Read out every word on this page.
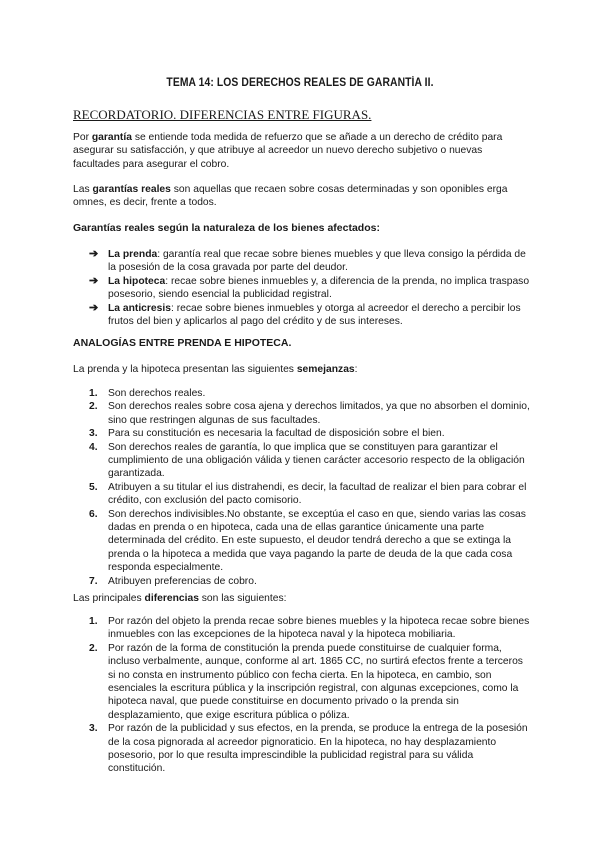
TEMA 14: LOS DERECHOS REALES DE GARANTÍA II.
RECORDATORIO. DIFERENCIAS ENTRE FIGURAS.
Por garantía se entiende toda medida de refuerzo que se añade a un derecho de crédito para asegurar su satisfacción, y que atribuye al acreedor un nuevo derecho subjetivo o nuevas facultades para asegurar el cobro.
Las garantías reales son aquellas que recaen sobre cosas determinadas y son oponibles erga omnes, es decir, frente a todos.
Garantías reales según la naturaleza de los bienes afectados:
➔ La prenda: garantía real que recae sobre bienes muebles y que lleva consigo la pérdida de la posesión de la cosa gravada por parte del deudor.
➔ La hipoteca: recae sobre bienes inmuebles y, a diferencia de la prenda, no implica traspaso posesorio, siendo esencial la publicidad registral.
➔ La anticresis: recae sobre bienes inmuebles y otorga al acreedor el derecho a percibir los frutos del bien y aplicarlos al pago del crédito y de sus intereses.
ANALOGÍAS ENTRE PRENDA E HIPOTECA.
La prenda y la hipoteca presentan las siguientes semejanzas:
1. Son derechos reales.
2. Son derechos reales sobre cosa ajena y derechos limitados, ya que no absorben el dominio, sino que restringen algunas de sus facultades.
3. Para su constitución es necesaria la facultad de disposición sobre el bien.
4. Son derechos reales de garantía, lo que implica que se constituyen para garantizar el cumplimiento de una obligación válida y tienen carácter accesorio respecto de la obligación garantizada.
5. Atribuyen a su titular el ius distrahendi, es decir, la facultad de realizar el bien para cobrar el crédito, con exclusión del pacto comisorio.
6. Son derechos indivisibles.No obstante, se exceptúa el caso en que, siendo varias las cosas dadas en prenda o en hipoteca, cada una de ellas garantice únicamente una parte determinada del crédito. En este supuesto, el deudor tendrá derecho a que se extinga la prenda o la hipoteca a medida que vaya pagando la parte de deuda de la que cada cosa responda especialmente.
7. Atribuyen preferencias de cobro.
Las principales diferencias son las siguientes:
1. Por razón del objeto la prenda recae sobre bienes muebles y la hipoteca recae sobre bienes inmuebles con las excepciones de la hipoteca naval y la hipoteca mobiliaria.
2. Por razón de la forma de constitución la prenda puede constituirse de cualquier forma, incluso verbalmente, aunque, conforme al art. 1865 CC, no surtirá efectos frente a terceros si no consta en instrumento público con fecha cierta. En la hipoteca, en cambio, son esenciales la escritura pública y la inscripción registral, con algunas excepciones, como la hipoteca naval, que puede constituirse en documento privado o la prenda sin desplazamiento, que exige escritura pública o póliza.
3. Por razón de la publicidad y sus efectos, en la prenda, se produce la entrega de la posesión de la cosa pignorada al acreedor pignoraticio. En la hipoteca, no hay desplazamiento posesorio, por lo que resulta imprescindible la publicidad registral para su válida constitución.
